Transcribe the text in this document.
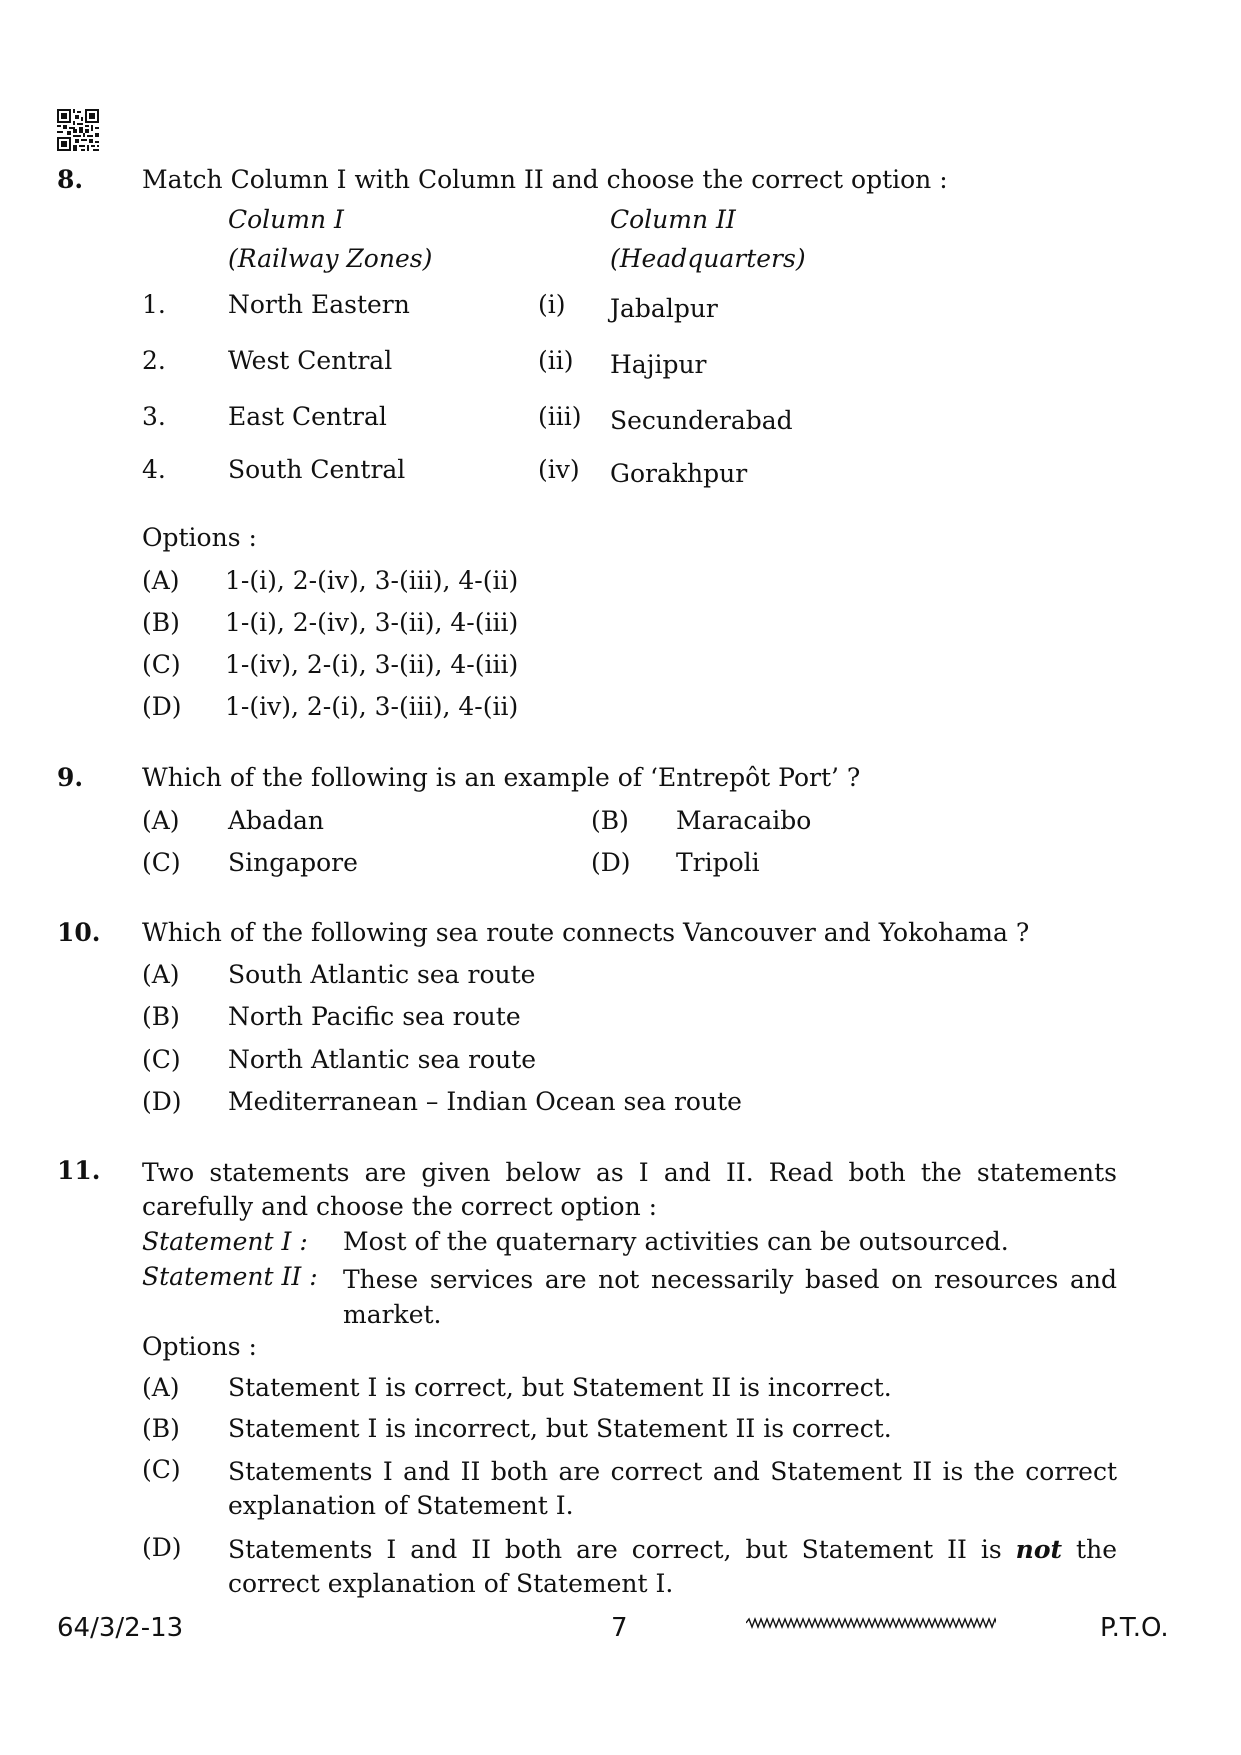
8. Match Column I with Column II and choose the correct option :
Column I
(Railway Zones)
Column II
(Headquarters)
1. North Eastern	(i) Jabalpur
2. West Central	(ii) Hajipur
3. East Central	(iii) Secunderabad
4. South Central	(iv) Gorakhpur
Options :
(A) 1-(i), 2-(iv), 3-(iii), 4-(ii)
(B) 1-(i), 2-(iv), 3-(ii), 4-(iii)
(C) 1-(iv), 2-(i), 3-(ii), 4-(iii)
(D) 1-(iv), 2-(i), 3-(iii), 4-(ii)
9. Which of the following is an example of ‘Entrepôt Port’ ?
(A) Abadan	(B) Maracaibo
(C) Singapore	(D) Tripoli
10. Which of the following sea route connects Vancouver and Yokohama ?
(A) South Atlantic sea route
(B) North Pacific sea route
(C) North Atlantic sea route
(D) Mediterranean – Indian Ocean sea route
11. Two statements are given below as I and II. Read both the statements carefully and choose the correct option :
Statement I : Most of the quaternary activities can be outsourced.
Statement II : These services are not necessarily based on resources and market.
Options :
(A) Statement I is correct, but Statement II is incorrect.
(B) Statement I is incorrect, but Statement II is correct.
(C) Statements I and II both are correct and Statement II is the correct explanation of Statement I.
(D) Statements I and II both are correct, but Statement II is not the correct explanation of Statement I.
64/3/2-13	7	P.T.O.
